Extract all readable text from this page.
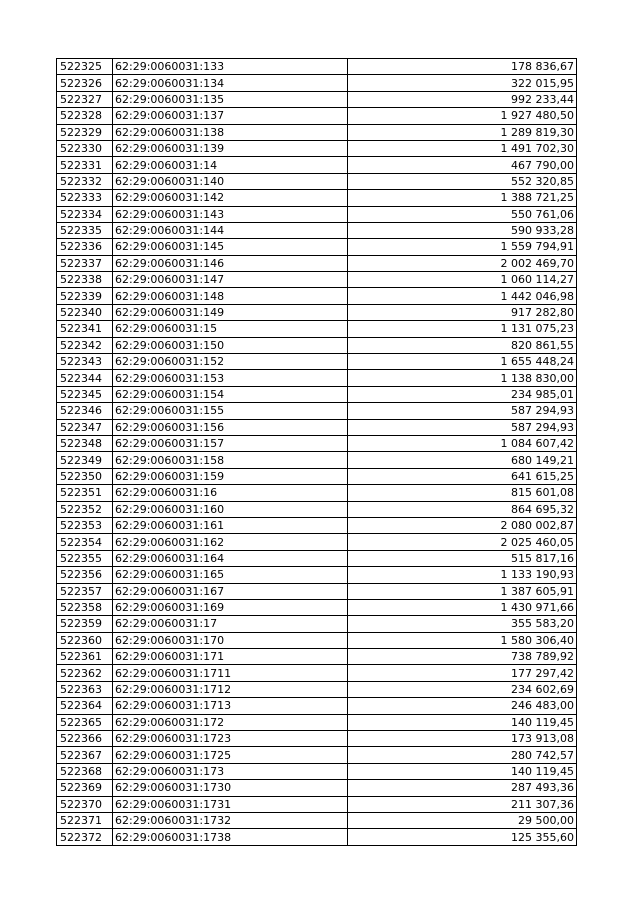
522325	62:29:0060031:133	178 836,67
522326	62:29:0060031:134	322 015,95
522327	62:29:0060031:135	992 233,44
522328	62:29:0060031:137	1 927 480,50
522329	62:29:0060031:138	1 289 819,30
522330	62:29:0060031:139	1 491 702,30
522331	62:29:0060031:14	467 790,00
522332	62:29:0060031:140	552 320,85
522333	62:29:0060031:142	1 388 721,25
522334	62:29:0060031:143	550 761,06
522335	62:29:0060031:144	590 933,28
522336	62:29:0060031:145	1 559 794,91
522337	62:29:0060031:146	2 002 469,70
522338	62:29:0060031:147	1 060 114,27
522339	62:29:0060031:148	1 442 046,98
522340	62:29:0060031:149	917 282,80
522341	62:29:0060031:15	1 131 075,23
522342	62:29:0060031:150	820 861,55
522343	62:29:0060031:152	1 655 448,24
522344	62:29:0060031:153	1 138 830,00
522345	62:29:0060031:154	234 985,01
522346	62:29:0060031:155	587 294,93
522347	62:29:0060031:156	587 294,93
522348	62:29:0060031:157	1 084 607,42
522349	62:29:0060031:158	680 149,21
522350	62:29:0060031:159	641 615,25
522351	62:29:0060031:16	815 601,08
522352	62:29:0060031:160	864 695,32
522353	62:29:0060031:161	2 080 002,87
522354	62:29:0060031:162	2 025 460,05
522355	62:29:0060031:164	515 817,16
522356	62:29:0060031:165	1 133 190,93
522357	62:29:0060031:167	1 387 605,91
522358	62:29:0060031:169	1 430 971,66
522359	62:29:0060031:17	355 583,20
522360	62:29:0060031:170	1 580 306,40
522361	62:29:0060031:171	738 789,92
522362	62:29:0060031:1711	177 297,42
522363	62:29:0060031:1712	234 602,69
522364	62:29:0060031:1713	246 483,00
522365	62:29:0060031:172	140 119,45
522366	62:29:0060031:1723	173 913,08
522367	62:29:0060031:1725	280 742,57
522368	62:29:0060031:173	140 119,45
522369	62:29:0060031:1730	287 493,36
522370	62:29:0060031:1731	211 307,36
522371	62:29:0060031:1732	29 500,00
522372	62:29:0060031:1738	125 355,60
